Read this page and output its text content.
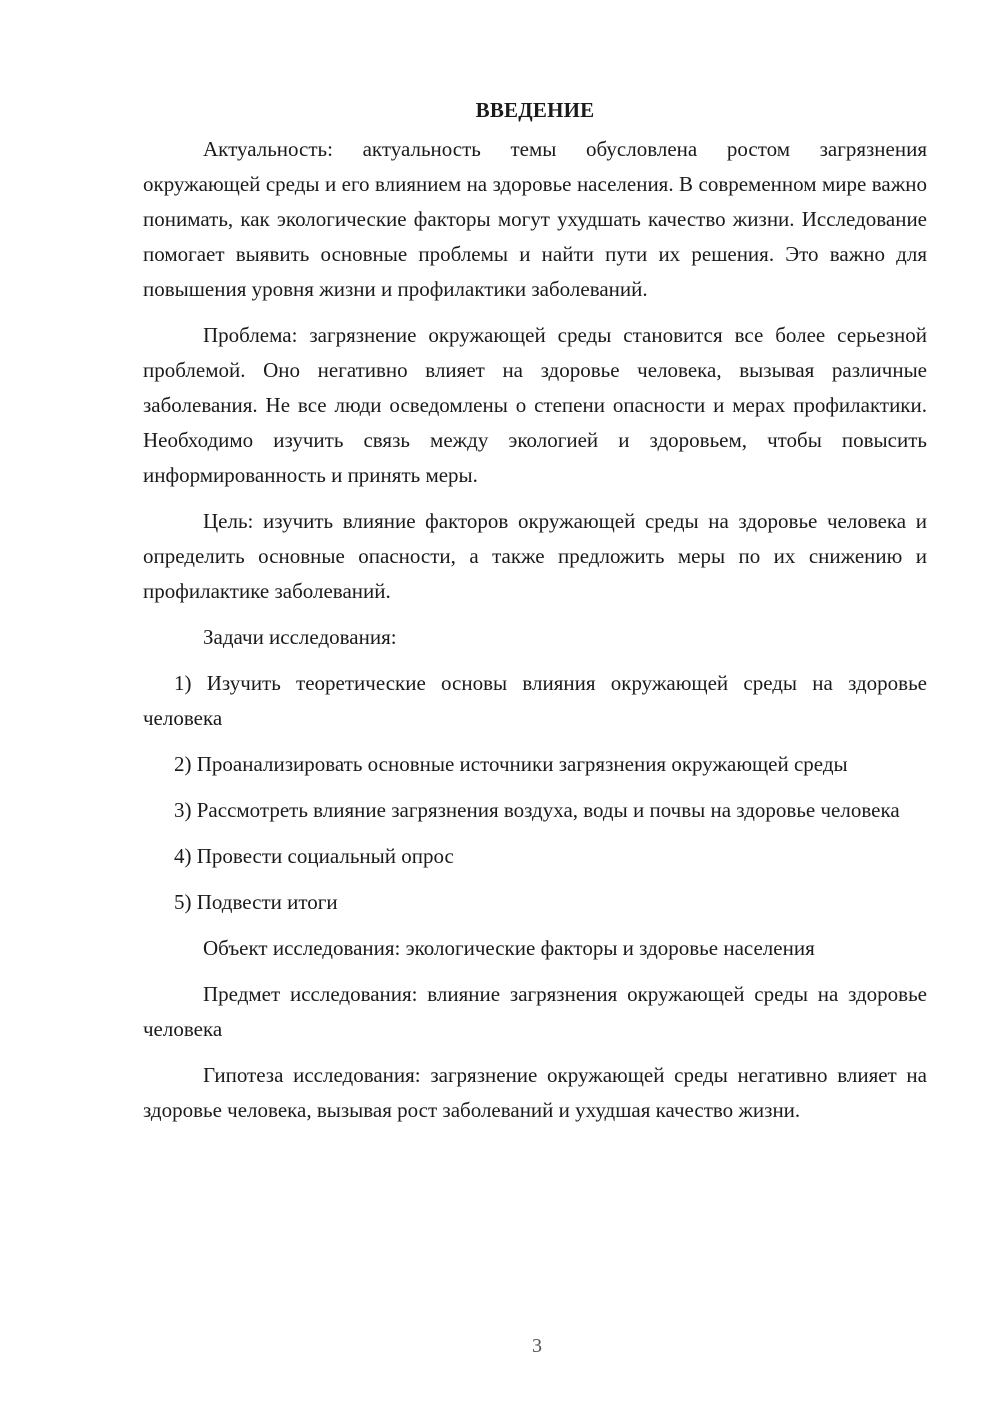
ВВЕДЕНИЕ

Актуальность: актуальность темы обусловлена ростом загрязнения окружающей среды и его влиянием на здоровье населения. В современном мире важно понимать, как экологические факторы могут ухудшать качество жизни. Исследование помогает выявить основные проблемы и найти пути их решения. Это важно для повышения уровня жизни и профилактики заболеваний.

Проблема: загрязнение окружающей среды становится все более серьезной проблемой. Оно негативно влияет на здоровье человека, вызывая различные заболевания. Не все люди осведомлены о степени опасности и мерах профилактики. Необходимо изучить связь между экологией и здоровьем, чтобы повысить информированность и принять меры.

Цель: изучить влияние факторов окружающей среды на здоровье человека и определить основные опасности, а также предложить меры по их снижению и профилактике заболеваний.

Задачи исследования:

1) Изучить теоретические основы влияния окружающей среды на здоровье человека

2) Проанализировать основные источники загрязнения окружающей среды

3) Рассмотреть влияние загрязнения воздуха, воды и почвы на здоровье человека

4) Провести социальный опрос

5) Подвести итоги

Объект исследования: экологические факторы и здоровье населения

Предмет исследования: влияние загрязнения окружающей среды на здоровье человека

Гипотеза исследования: загрязнение окружающей среды негативно влияет на здоровье человека, вызывая рост заболеваний и ухудшая качество жизни.

3
